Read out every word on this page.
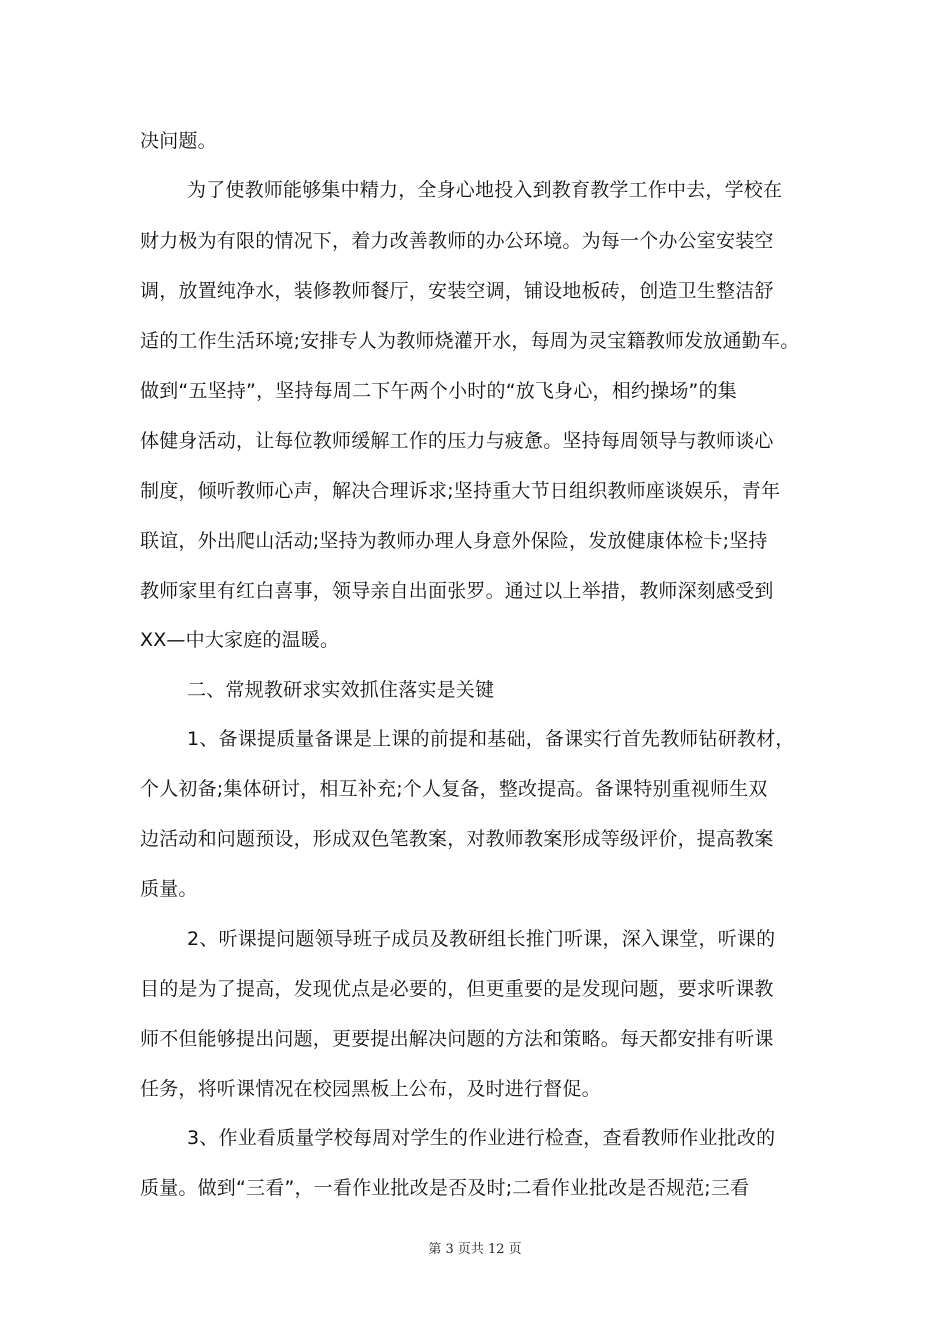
决问题。
为了使教师能够集中精力，全身心地投入到教育教学工作中去，学校在
财力极为有限的情况下，着力改善教师的办公环境。为每一个办公室安装空
调，放置纯净水，装修教师餐厅，安装空调，铺设地板砖，创造卫生整洁舒
适的工作生活环境;安排专人为教师烧灌开水，每周为灵宝籍教师发放通勤车。
做到“五坚持”，坚持每周二下午两个小时的“放飞身心，相约操场”的集
体健身活动，让每位教师缓解工作的压力与疲惫。坚持每周领导与教师谈心
制度，倾听教师心声，解决合理诉求;坚持重大节日组织教师座谈娱乐，青年
联谊，外出爬山活动;坚持为教师办理人身意外保险，发放健康体检卡;坚持
教师家里有红白喜事，领导亲自出面张罗。通过以上举措，教师深刻感受到
XX—中大家庭的温暖。
二、常规教研求实效抓住落实是关键
1、备课提质量备课是上课的前提和基础，备课实行首先教师钻研教材，
个人初备;集体研讨，相互补充;个人复备，整改提高。备课特别重视师生双
边活动和问题预设，形成双色笔教案，对教师教案形成等级评价，提高教案
质量。
2、听课提问题领导班子成员及教研组长推门听课，深入课堂，听课的
目的是为了提高，发现优点是必要的，但更重要的是发现问题，要求听课教
师不但能够提出问题，更要提出解决问题的方法和策略。每天都安排有听课
任务，将听课情况在校园黑板上公布，及时进行督促。
3、作业看质量学校每周对学生的作业进行检查，查看教师作业批改的
质量。做到“三看”，一看作业批改是否及时;二看作业批改是否规范;三看
第 3 页共 12 页
